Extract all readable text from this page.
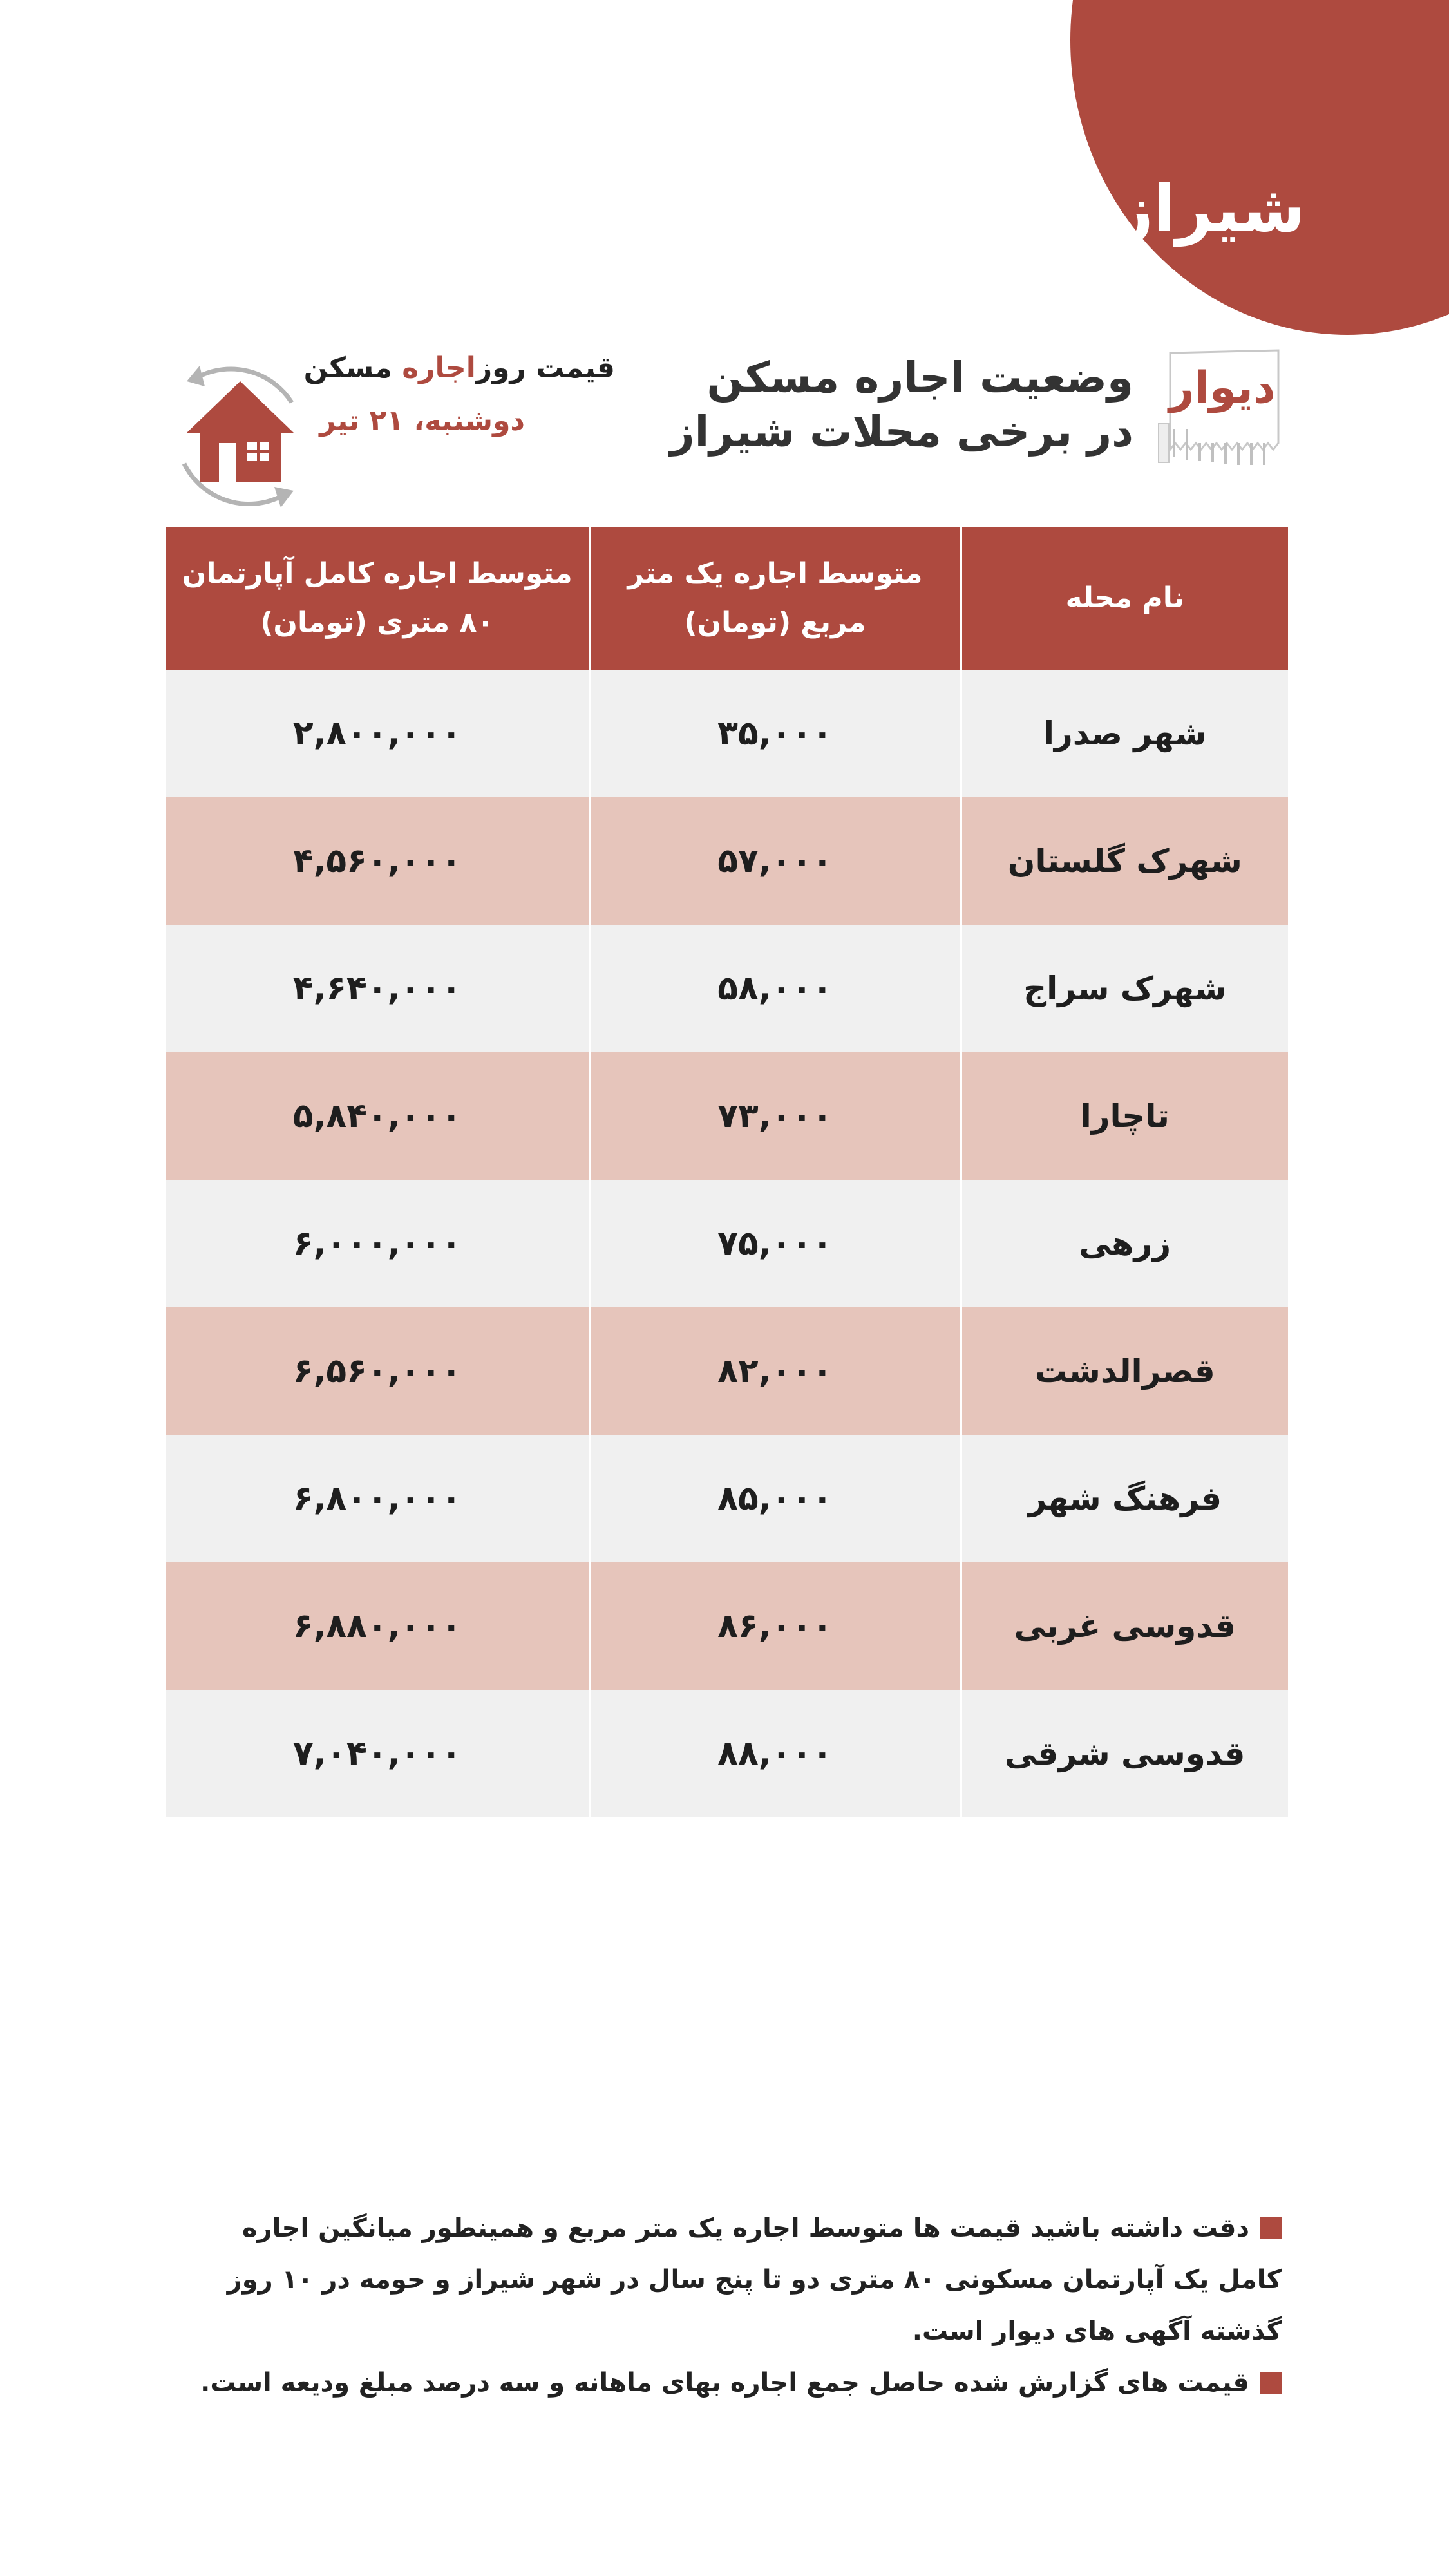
شیراز
دیوار
وضعیت اجاره مسکن
در برخی محلات شیراز
قیمت روزاجاره مسکن
دوشنبه، ۲۱ تیر
نام محله	متوسط اجاره یک متر مربع (تومان)	متوسط اجاره کامل آپارتمان ۸۰ متری (تومان)
شهر صدرا	۳۵,۰۰۰	۲,۸۰۰,۰۰۰
شهرک گلستان	۵۷,۰۰۰	۴,۵۶۰,۰۰۰
شهرک سراج	۵۸,۰۰۰	۴,۶۴۰,۰۰۰
تاچارا	۷۳,۰۰۰	۵,۸۴۰,۰۰۰
زرهی	۷۵,۰۰۰	۶,۰۰۰,۰۰۰
قصرالدشت	۸۲,۰۰۰	۶,۵۶۰,۰۰۰
فرهنگ شهر	۸۵,۰۰۰	۶,۸۰۰,۰۰۰
قدوسی غربی	۸۶,۰۰۰	۶,۸۸۰,۰۰۰
قدوسی شرقی	۸۸,۰۰۰	۷,۰۴۰,۰۰۰

دقت داشته باشید قیمت ها متوسط اجاره یک متر مربع و همینطور میانگین اجاره کامل یک آپارتمان مسکونی ۸۰ متری دو تا پنج سال در شهر شیراز و حومه در ۱۰ روز گذشته آگهی های دیوار است.

قیمت های گزارش شده حاصل جمع اجاره بهای ماهانه و سه درصد مبلغ ودیعه است.
